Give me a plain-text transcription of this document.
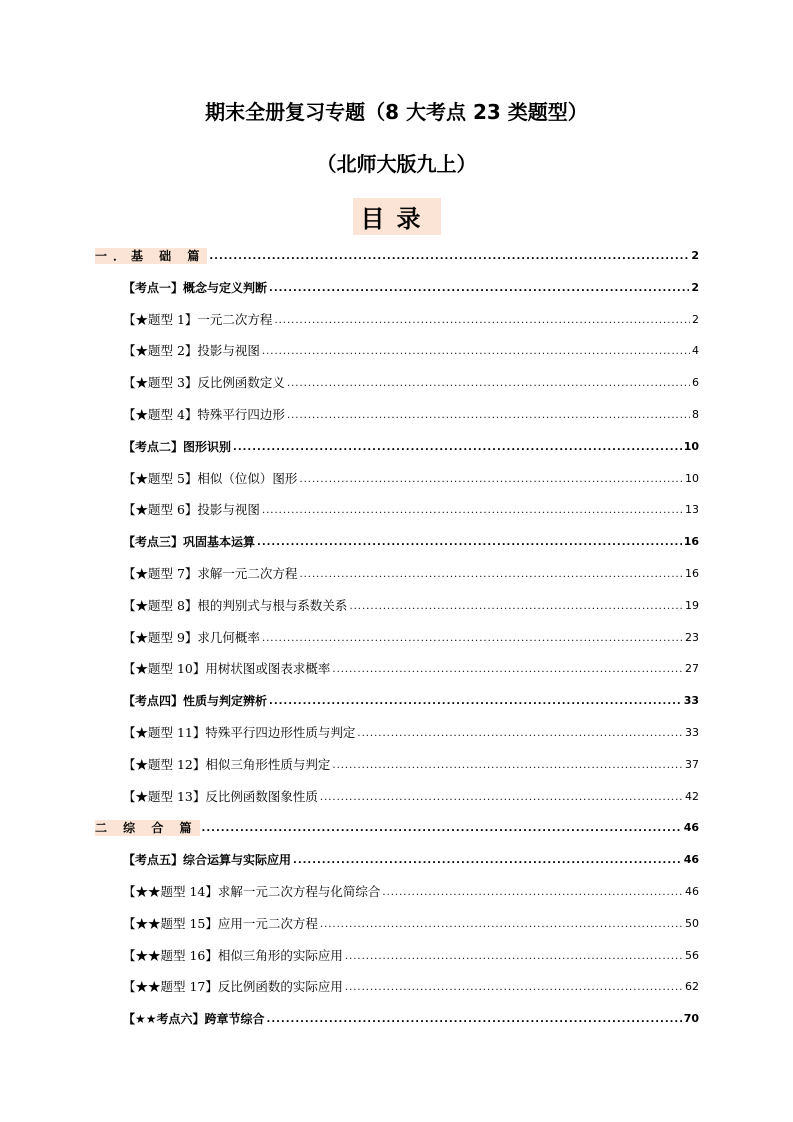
期末全册复习专题（8 大考点 23 类题型）
（北师大版九上）
目录
一．基 础 篇 .....	2
【考点一】概念与定义判断 .....	2
【★题型 1】一元二次方程 .....	2
【★题型 2】投影与视图 .....	4
【★题型 3】反比例函数定义 .....	6
【★题型 4】特殊平行四边形 .....	8
【考点二】图形识别 .....	10
【★题型 5】相似（位似）图形 .....	10
【★题型 6】投影与视图 .....	13
【考点三】巩固基本运算 .....	16
【★题型 7】求解一元二次方程 .....	16
【★题型 8】根的判别式与根与系数关系 .....	19
【★题型 9】求几何概率 .....	23
【★题型 10】用树状图或图表求概率 .....	27
【考点四】性质与判定辨析 .....	33
【★题型 11】特殊平行四边形性质与判定 .....	33
【★题型 12】相似三角形性质与判定 .....	37
【★题型 13】反比例函数图象性质 .....	42
二 综 合 篇 .....	46
【考点五】综合运算与实际应用 .....	46
【★★题型 14】求解一元二次方程与化简综合 .....	46
【★★题型 15】应用一元二次方程 .....	50
【★★题型 16】相似三角形的实际应用 .....	56
【★★题型 17】反比例函数的实际应用 .....	62
【★★考点六】跨章节综合 .....	70
